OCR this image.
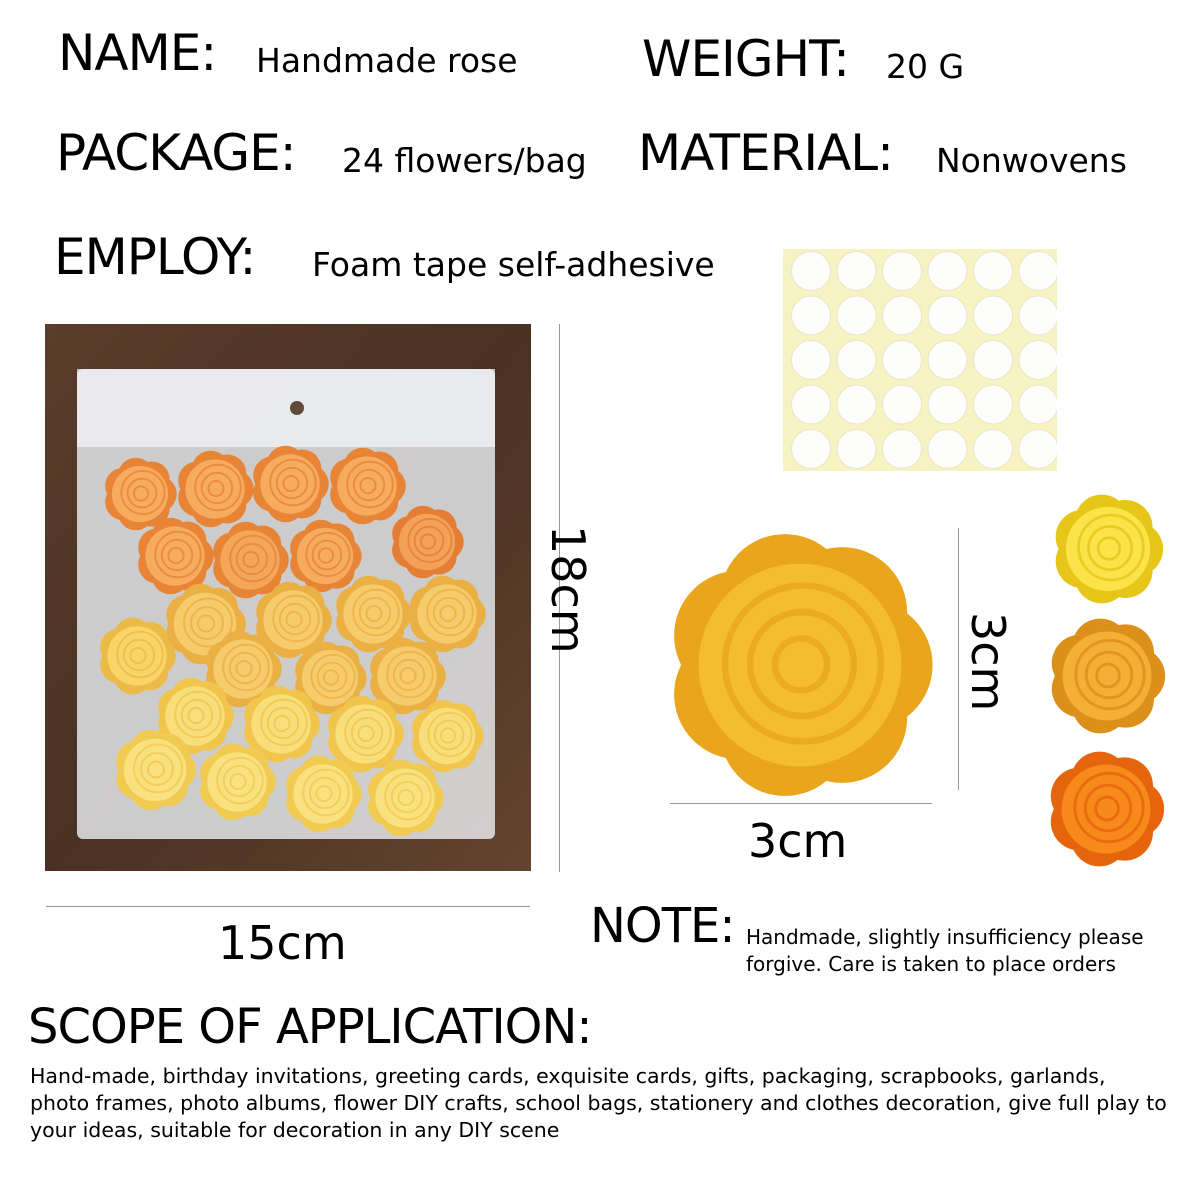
NAME: Handmade rose WEIGHT: 20 G
PACKAGE: 24 flowers/bag MATERIAL: Nonwovens
EMPLOY: Foam tape self-adhesive
15cm
18cm
3cm
3cm
NOTE: Handmade, slightly insufficiency please forgive. Care is taken to place orders
SCOPE OF APPLICATION:
Hand-made, birthday invitations, greeting cards, exquisite cards, gifts, packaging, scrapbooks, garlands, photo frames, photo albums, flower DIY crafts, school bags, stationery and clothes decoration, give full play to your ideas, suitable for decoration in any DIY scene
